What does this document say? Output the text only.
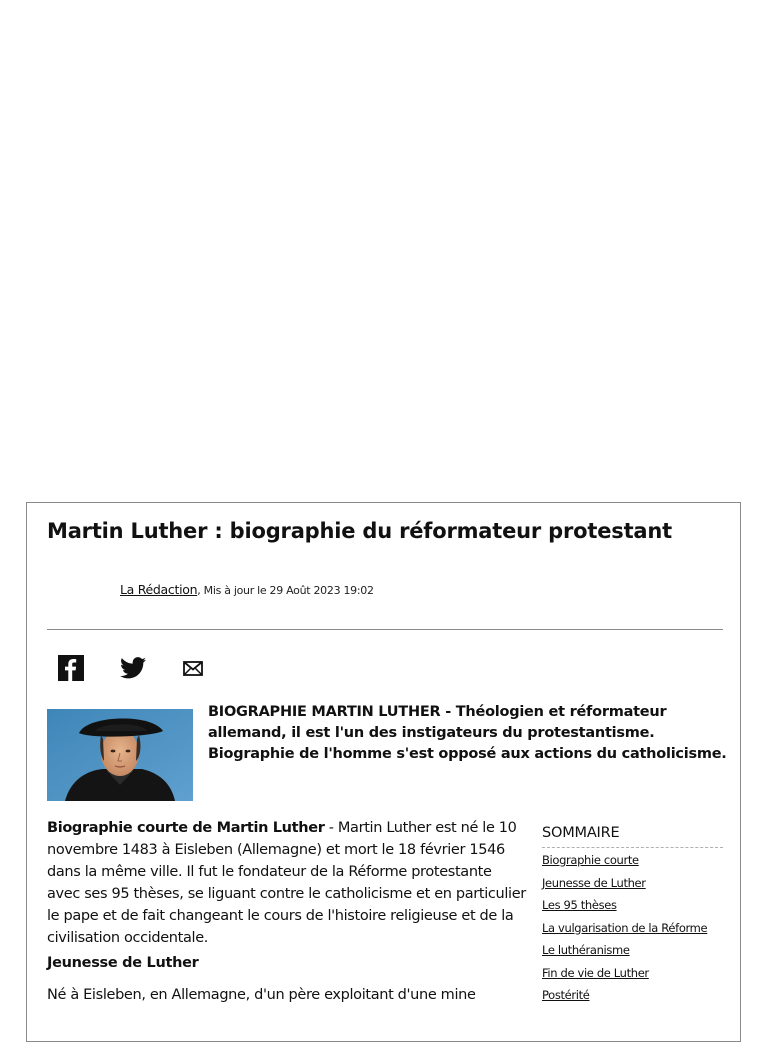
Martin Luther : biographie du réformateur protestant
La Rédaction, Mis à jour le 29 Août 2023 19:02

BIOGRAPHIE MARTIN LUTHER - Théologien et réformateur allemand, il est l'un des instigateurs du protestantisme. Biographie de l'homme s'est opposé aux actions du catholicisme.

Biographie courte de Martin Luther - Martin Luther est né le 10 novembre 1483 à Eisleben (Allemagne) et mort le 18 février 1546 dans la même ville. Il fut le fondateur de la Réforme protestante avec ses 95 thèses, se liguant contre le catholicisme et en particulier le pape et de fait changeant le cours de l'histoire religieuse et de la civilisation occidentale.

Jeunesse de Luther

Né à Eisleben, en Allemagne, d'un père exploitant d'une mine

SOMMAIRE
Biographie courte
Jeunesse de Luther
Les 95 thèses
La vulgarisation de la Réforme
Le luthéranisme
Fin de vie de Luther
Postérité
